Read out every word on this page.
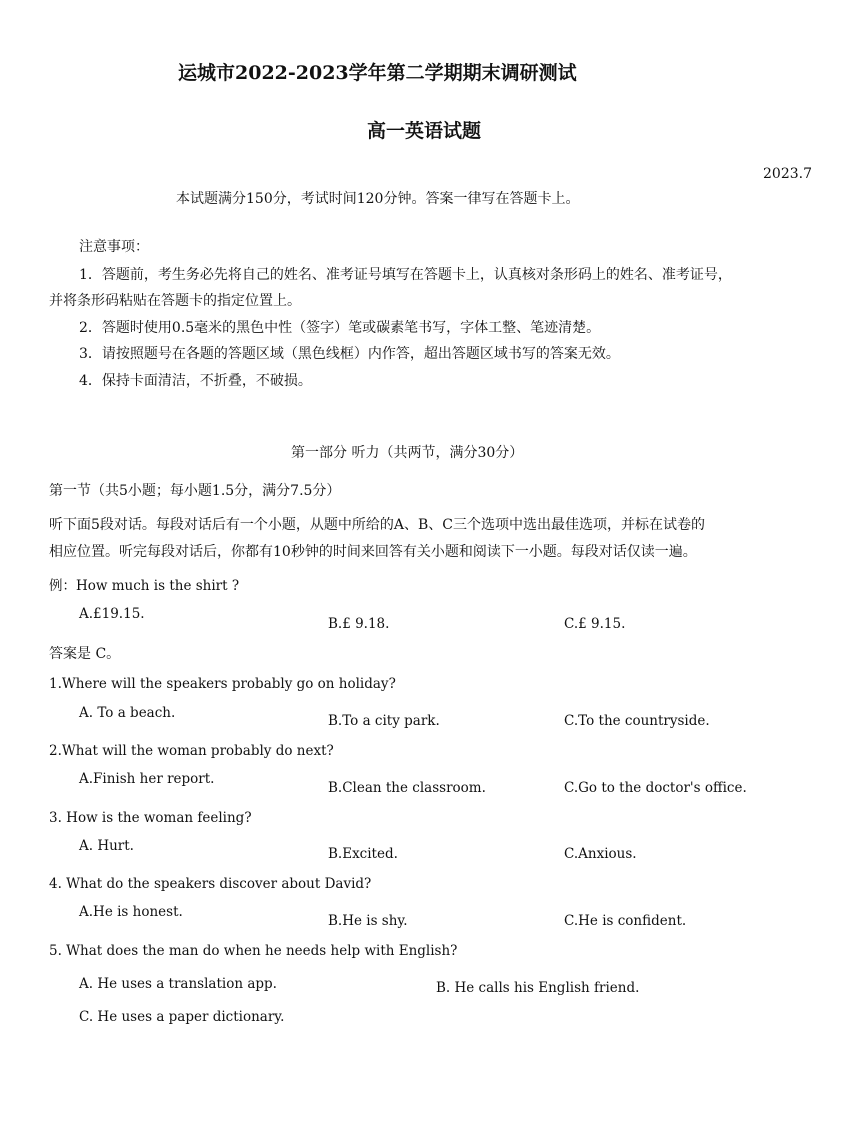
运城市2022-2023学年第二学期期末调研测试
高一英语试题
2023.7
本试题满分150分，考试时间120分钟。答案一律写在答题卡上。
注意事项：
1．答题前，考生务必先将自己的姓名、准考证号填写在答题卡上，认真核对条形码上的姓名、准考证号，
并将条形码粘贴在答题卡的指定位置上。
2．答题时使用0.5毫米的黑色中性（签字）笔或碳素笔书写，字体工整、笔迹清楚。
3．请按照题号在各题的答题区域（黑色线框）内作答，超出答题区域书写的答案无效。
4．保持卡面清洁，不折叠，不破损。
第一部分 听力（共两节，满分30分）
第一节（共5小题；每小题1.5分，满分7.5分）
听下面5段对话。每段对话后有一个小题，从题中所给的A、B、C三个选项中选出最佳选项，并标在试卷的
相应位置。听完每段对话后，你都有10秒钟的时间来回答有关小题和阅读下一小题。每段对话仅读一遍。
例：How much is the shirt ?
A.£19.15.
B.£ 9.18.	C.£ 9.15.
答案是 C。
1.Where will the speakers probably go on holiday?
A. To a beach.	B.To a city park.	C.To the countryside.
2.What will the woman probably do next?
A.Finish her report.
B.Clean the classroom.	C.Go to the doctor's office.
3. How is the woman feeling?
A. Hurt.	B.Excited.	C.Anxious.
4. What do the speakers discover about David?
A.He is honest.
B.He is shy.	C.He is confident.
5. What does the man do when he needs help with English?
A. He uses a translation app.	B. He calls his English friend.
C. He uses a paper dictionary.
